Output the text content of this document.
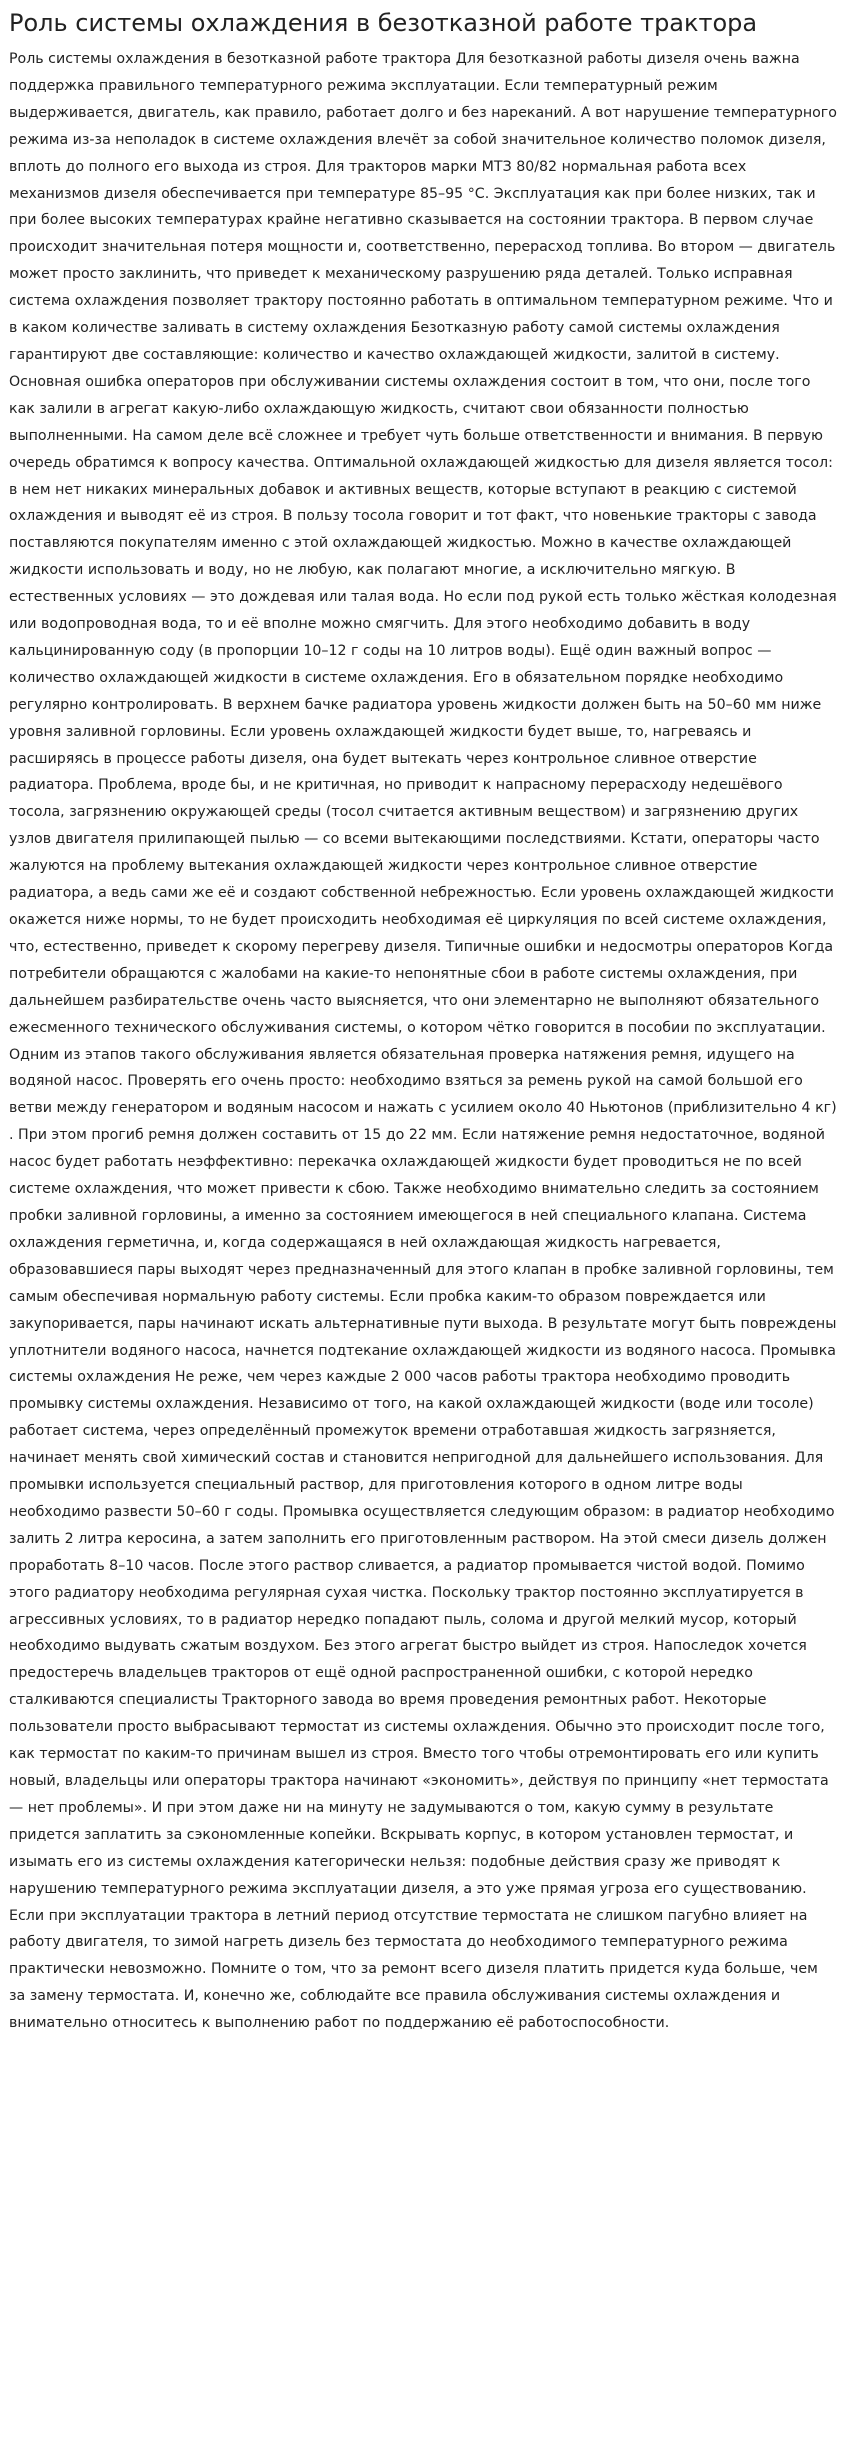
Роль системы охлаждения в безотказной работе трактора
Роль системы охлаждения в безотказной работе трактора Для безотказной работы дизеля очень важна поддержка правильного температурного режима эксплуатации. Если температурный режим выдерживается, двигатель, как правило, работает долго и без нареканий. А вот нарушение температурного режима из-за неполадок в системе охлаждения влечёт за собой значительное количество поломок дизеля, вплоть до полного его выхода из строя. Для тракторов марки МТЗ 80/82 нормальная работа всех механизмов дизеля обеспечивается при температуре 85–95 °С. Эксплуатация как при более низких, так и при более высоких температурах крайне негативно сказывается на состоянии трактора. В первом случае происходит значительная потеря мощности и, соответственно, перерасход топлива. Во втором — двигатель может просто заклинить, что приведет к механическому разрушению ряда деталей. Только исправная система охлаждения позволяет трактору постоянно работать в оптимальном температурном режиме. Что и в каком количестве заливать в систему охлаждения Безотказную работу самой системы охлаждения гарантируют две составляющие: количество и качество охлаждающей жидкости, залитой в систему. Основная ошибка операторов при обслуживании системы охлаждения состоит в том, что они, после того как залили в агрегат какую-либо охлаждающую жидкость, считают свои обязанности полностью выполненными. На самом деле всё сложнее и требует чуть больше ответственности и внимания. В первую очередь обратимся к вопросу качества. Оптимальной охлаждающей жидкостью для дизеля является тосол: в нем нет никаких минеральных добавок и активных веществ, которые вступают в реакцию с системой охлаждения и выводят её из строя. В пользу тосола говорит и тот факт, что новенькие тракторы с завода поставляются покупателям именно с этой охлаждающей жидкостью. Можно в качестве охлаждающей жидкости использовать и воду, но не любую, как полагают многие, а исключительно мягкую. В естественных условиях — это дождевая или талая вода. Но если под рукой есть только жёсткая колодезная или водопроводная вода, то и её вполне можно смягчить. Для этого необходимо добавить в воду кальцинированную соду (в пропорции 10–12 г соды на 10 литров воды). Ещё один важный вопрос — количество охлаждающей жидкости в системе охлаждения. Его в обязательном порядке необходимо регулярно контролировать. В верхнем бачке радиатора уровень жидкости должен быть на 50–60 мм ниже уровня заливной горловины. Если уровень охлаждающей жидкости будет выше, то, нагреваясь и расширяясь в процессе работы дизеля, она будет вытекать через контрольное сливное отверстие радиатора. Проблема, вроде бы, и не критичная, но приводит к напрасному перерасходу недешёвого тосола, загрязнению окружающей среды (тосол считается активным веществом) и загрязнению других узлов двигателя прилипающей пылью — со всеми вытекающими последствиями. Кстати, операторы часто жалуются на проблему вытекания охлаждающей жидкости через контрольное сливное отверстие радиатора, а ведь сами же её и создают собственной небрежностью. Если уровень охлаждающей жидкости окажется ниже нормы, то не будет происходить необходимая её циркуляция по всей системе охлаждения, что, естественно, приведет к скорому перегреву дизеля. Типичные ошибки и недосмотры операторов Когда потребители обращаются с жалобами на какие-то непонятные сбои в работе системы охлаждения, при дальнейшем разбирательстве очень часто выясняется, что они элементарно не выполняют обязательного ежесменного технического обслуживания системы, о котором чётко говорится в пособии по эксплуатации. Одним из этапов такого обслуживания является обязательная проверка натяжения ремня, идущего на водяной насос. Проверять его очень просто: необходимо взяться за ремень рукой на самой большой его ветви между генератором и водяным насосом и нажать с усилием около 40 Ньютонов (приблизительно 4 кг) . При этом прогиб ремня должен составить от 15 до 22 мм. Если натяжение ремня недостаточное, водяной насос будет работать неэффективно: перекачка охлаждающей жидкости будет проводиться не по всей системе охлаждения, что может привести к сбою. Также необходимо внимательно следить за состоянием пробки заливной горловины, а именно за состоянием имеющегося в ней специального клапана. Система охлаждения герметична, и, когда содержащаяся в ней охлаждающая жидкость нагревается, образовавшиеся пары выходят через предназначенный для этого клапан в пробке заливной горловины, тем самым обеспечивая нормальную работу системы. Если пробка каким-то образом повреждается или закупоривается, пары начинают искать альтернативные пути выхода. В результате могут быть повреждены уплотнители водяного насоса, начнется подтекание охлаждающей жидкости из водяного насоса. Промывка системы охлаждения Не реже, чем через каждые 2 000 часов работы трактора необходимо проводить промывку системы охлаждения. Независимо от того, на какой охлаждающей жидкости (воде или тосоле) работает система, через определённый промежуток времени отработавшая жидкость загрязняется, начинает менять свой химический состав и становится непригодной для дальнейшего использования. Для промывки используется специальный раствор, для приготовления которого в одном литре воды необходимо развести 50–60 г соды. Промывка осуществляется следующим образом: в радиатор необходимо залить 2 литра керосина, а затем заполнить его приготовленным раствором. На этой смеси дизель должен проработать 8–10 часов. После этого раствор сливается, а радиатор промывается чистой водой. Помимо этого радиатору необходима регулярная сухая чистка. Поскольку трактор постоянно эксплуатируется в агрессивных условиях, то в радиатор нередко попадают пыль, солома и другой мелкий мусор, который необходимо выдувать сжатым воздухом. Без этого агрегат быстро выйдет из строя. Напоследок хочется предостеречь владельцев тракторов от ещё одной распространенной ошибки, с которой нередко сталкиваются специалисты Тракторного завода во время проведения ремонтных работ. Некоторые пользователи просто выбрасывают термостат из системы охлаждения. Обычно это происходит после того, как термостат по каким-то причинам вышел из строя. Вместо того чтобы отремонтировать его или купить новый, владельцы или операторы трактора начинают «экономить», действуя по принципу «нет термостата — нет проблемы». И при этом даже ни на минуту не задумываются о том, какую сумму в результате придется заплатить за сэкономленные копейки. Вскрывать корпус, в котором установлен термостат, и изымать его из системы охлаждения категорически нельзя: подобные действия сразу же приводят к нарушению температурного режима эксплуатации дизеля, а это уже прямая угроза его существованию. Если при эксплуатации трактора в летний период отсутствие термостата не слишком пагубно влияет на работу двигателя, то зимой нагреть дизель без термостата до необходимого температурного режима практически невозможно. Помните о том, что за ремонт всего дизеля платить придется куда больше, чем за замену термостата. И, конечно же, соблюдайте все правила обслуживания системы охлаждения и внимательно относитесь к выполнению работ по поддержанию её работоспособности.
